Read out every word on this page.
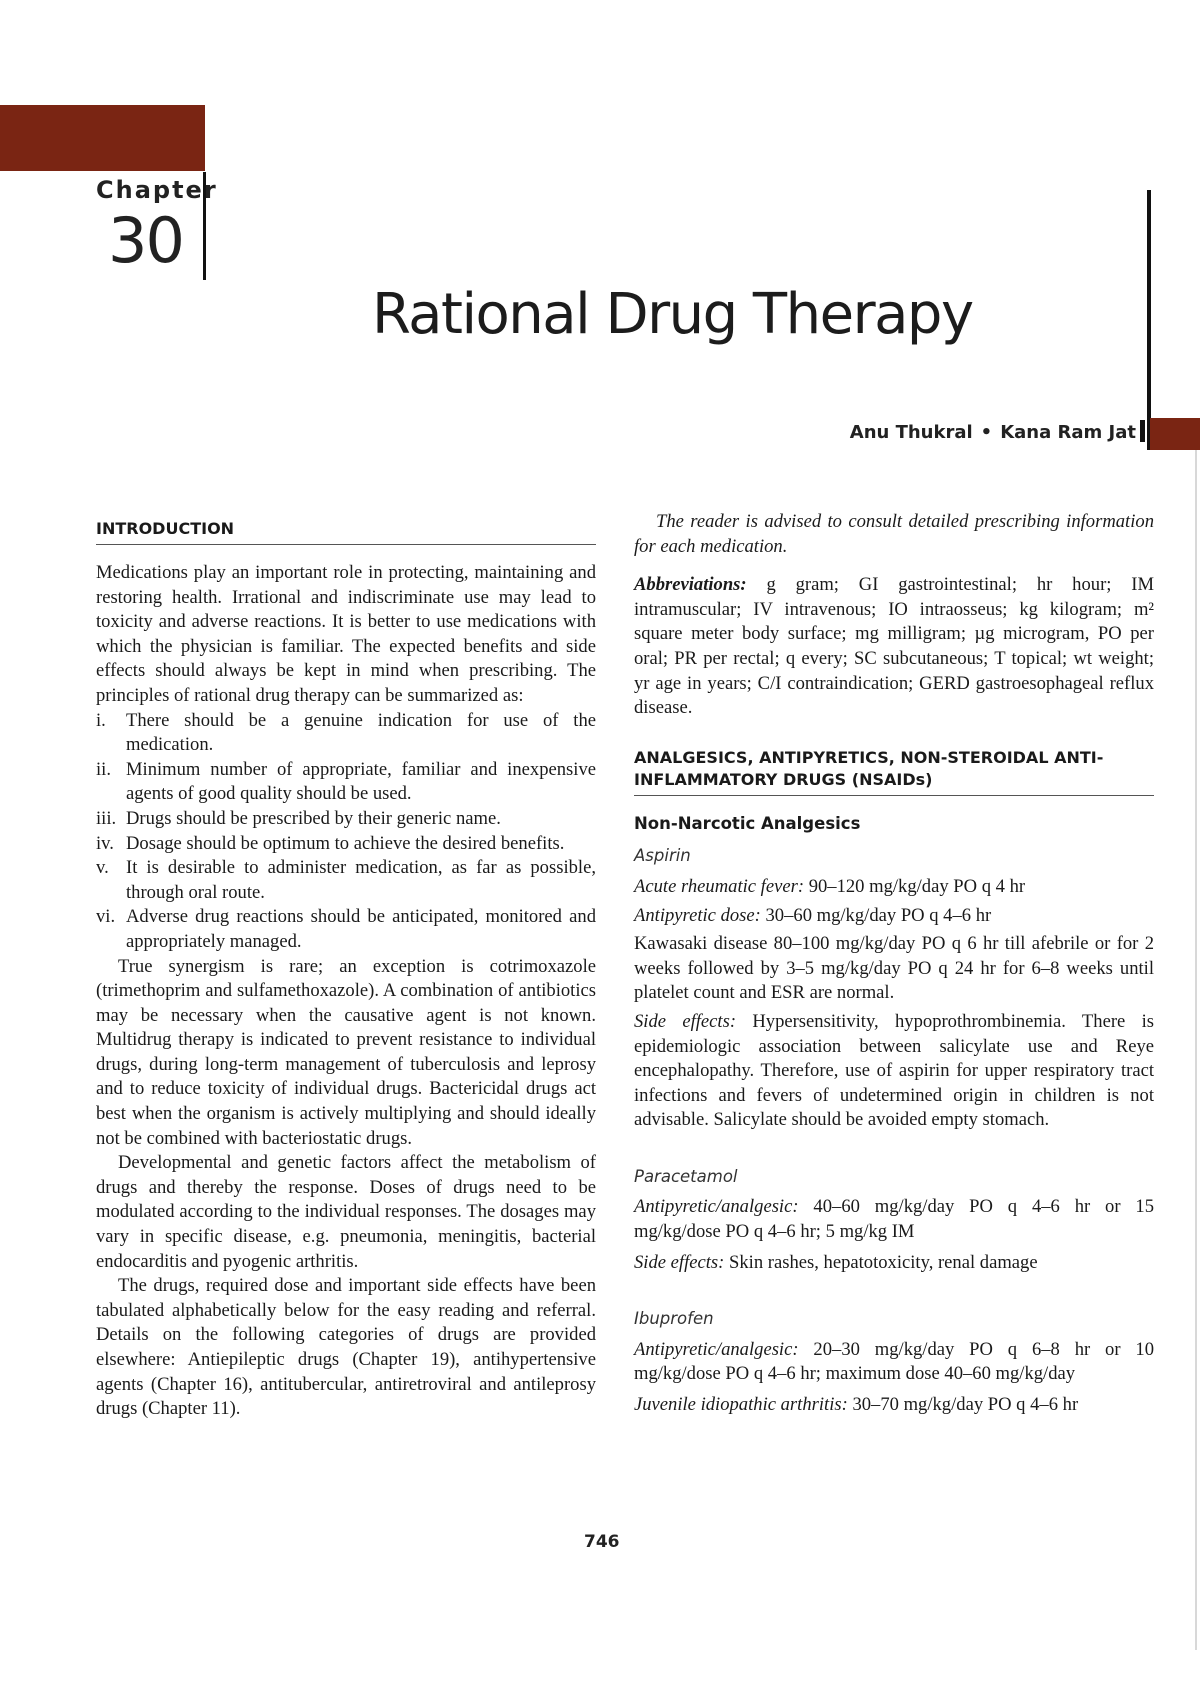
Chapter
30
Rational Drug Therapy
Anu Thukral • Kana Ram Jat
INTRODUCTION

Medications play an important role in protecting, maintaining and restoring health. Irrational and indiscriminate use may lead to toxicity and adverse reactions. It is better to use medications with which the physician is familiar. The expected benefits and side effects should always be kept in mind when prescribing. The principles of rational drug therapy can be summarized as:

i. There should be a genuine indication for use of the medication.
ii. Minimum number of appropriate, familiar and inexpensive agents of good quality should be used.
iii. Drugs should be prescribed by their generic name.
iv. Dosage should be optimum to achieve the desired benefits.
v. It is desirable to administer medication, as far as possible, through oral route.
vi. Adverse drug reactions should be anticipated, monitored and appropriately managed.

True synergism is rare; an exception is cotrimoxazole (trimethoprim and sulfamethoxazole). A combination of antibiotics may be necessary when the causative agent is not known. Multidrug therapy is indicated to prevent resistance to individual drugs, during long-term management of tuberculosis and leprosy and to reduce toxicity of individual drugs. Bactericidal drugs act best when the organism is actively multiplying and should ideally not be combined with bacteriostatic drugs.

Developmental and genetic factors affect the metabolism of drugs and thereby the response. Doses of drugs need to be modulated according to the individual responses. The dosages may vary in specific disease, e.g. pneumonia, meningitis, bacterial endocarditis and pyogenic arthritis.

The drugs, required dose and important side effects have been tabulated alphabetically below for the easy reading and referral. Details on the following categories of drugs are provided elsewhere: Antiepileptic drugs (Chapter 19), antihypertensive agents (Chapter 16), antitubercular, antiretroviral and antileprosy drugs (Chapter 11).

The reader is advised to consult detailed prescribing information for each medication.

Abbreviations: g gram; GI gastrointestinal; hr hour; IM intramuscular; IV intravenous; IO intraosseus; kg kilogram; m² square meter body surface; mg milligram; µg microgram, PO per oral; PR per rectal; q every; SC subcutaneous; T topical; wt weight; yr age in years; C/I contraindication; GERD gastroesophageal reflux disease.

ANALGESICS, ANTIPYRETICS, NON-STEROIDAL ANTI-INFLAMMATORY DRUGS (NSAIDs)
Non-Narcotic Analgesics
Aspirin

Acute rheumatic fever: 90–120 mg/kg/day PO q 4 hr

Antipyretic dose: 30–60 mg/kg/day PO q 4–6 hr

Kawasaki disease 80–100 mg/kg/day PO q 6 hr till afebrile or for 2 weeks followed by 3–5 mg/kg/day PO q 24 hr for 6–8 weeks until platelet count and ESR are normal.

Side effects: Hypersensitivity, hypoprothrombinemia. There is epidemiologic association between salicylate use and Reye encephalopathy. Therefore, use of aspirin for upper respiratory tract infections and fevers of undetermined origin in children is not advisable. Salicylate should be avoided empty stomach.

Paracetamol

Antipyretic/analgesic: 40–60 mg/kg/day PO q 4–6 hr or 15 mg/kg/dose PO q 4–6 hr; 5 mg/kg IM

Side effects: Skin rashes, hepatotoxicity, renal damage

Ibuprofen

Antipyretic/analgesic: 20–30 mg/kg/day PO q 6–8 hr or 10 mg/kg/dose PO q 4–6 hr; maximum dose 40–60 mg/kg/day

Juvenile idiopathic arthritis: 30–70 mg/kg/day PO q 4–6 hr

746
